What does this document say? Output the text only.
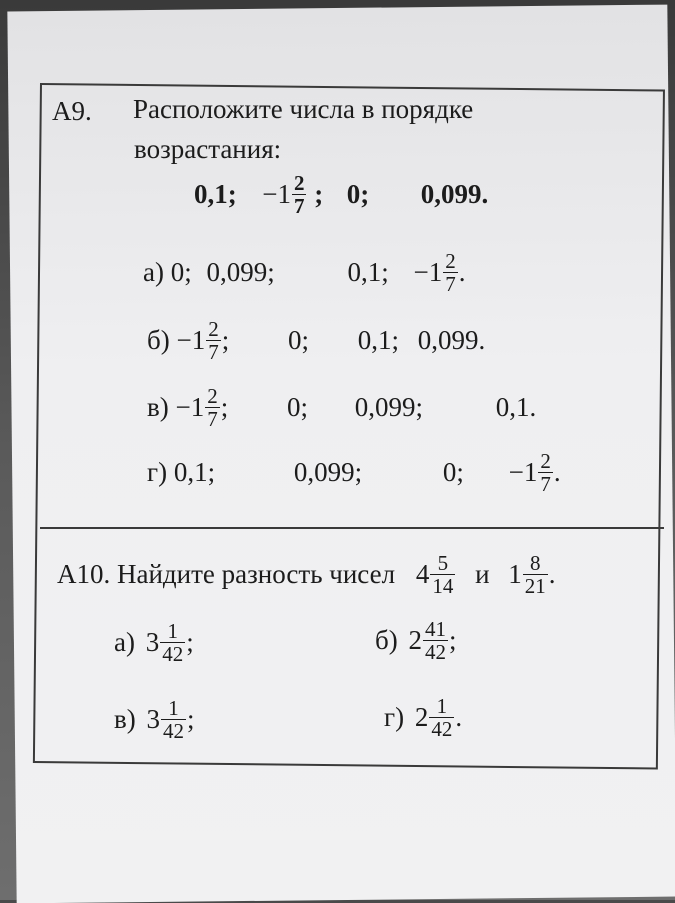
А9. Расположите числа в порядке
возрастания:
0,1; $-1 \frac{2}{7}$ ; 0; 0,099.
а) 0; 0,099;	0,1; $-1 \frac{2}{7}$ .
$б) -1 \frac{2}{7}$ ; 0; 0,1; 0,099.
$в) -1 \frac{2}{7}$ ; 0; 0,099;	0,1.
г) 0,1;	0,099;	0; $-1 \frac{2}{7}$ .
А10. Найдите разность чисел $4 \frac{5}{14}$ и $1 \frac{8}{21}$ .
а) $3 \frac{1}{42}$ ;	б) $2 \frac{41}{42}$ ;
в) $3 \frac{1}{42}$ ;	г) $2 \frac{1}{42}$ .
